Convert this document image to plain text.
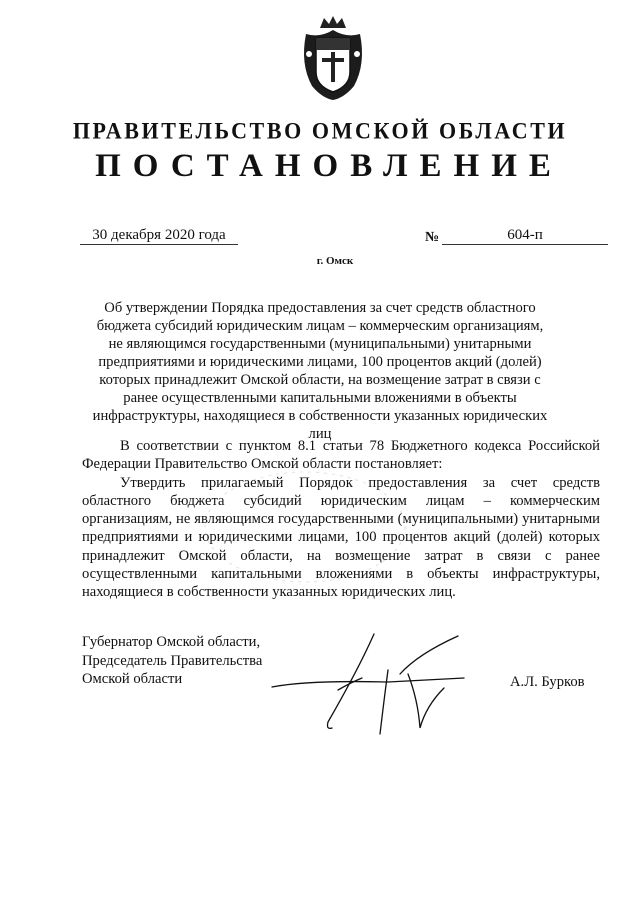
ПРАВИТЕЛЬСТВО ОМСКОЙ ОБЛАСТИ
ПОСТАНОВЛЕНИЕ
30 декабря 2020 года	№	604-п
г. Омск
Об утверждении Порядка предоставления за счет средств областного бюджета субсидий юридическим лицам – коммерческим организациям, не являющимся государственными (муниципальными) унитарными предприятиями и юридическими лицами, 100 процентов акций (долей) которых принадлежит Омской области, на возмещение затрат в связи с ранее осуществленными капитальными вложениями в объекты инфраструктуры, находящиеся в собственности указанных юридических лиц

В соответствии с пунктом 8.1 статьи 78 Бюджетного кодекса Российской Федерации Правительство Омской области постановляет:

Утвердить прилагаемый Порядок предоставления за счет средств областного бюджета субсидий юридическим лицам – коммерческим организациям, не являющимся государственными (муниципальными) унитарными предприятиями и юридическими лицами, 100 процентов акций (долей) которых принадлежит Омской области, на возмещение затрат в связи с ранее осуществленными капитальными вложениями в объекты инфраструктуры, находящиеся в собственности указанных юридических лиц.

Губернатор Омской области,
Председатель Правительства
Омской области	А.Л. Бурков
